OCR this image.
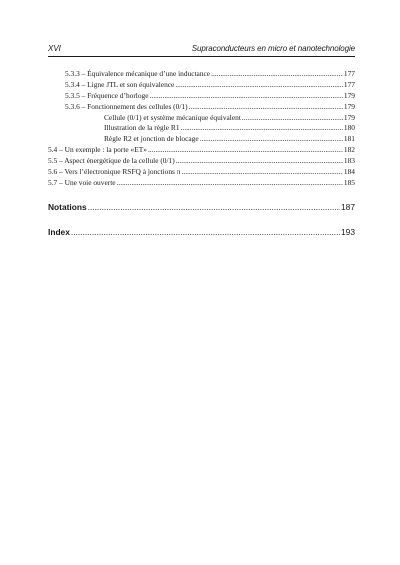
XVI	Supraconducteurs en micro et nanotechnologie
5.3.3 – Équivalence mécanique d’une inductance .....	177
5.3.4 – Ligne JTL et son équivalence .....	177
5.3.5 – Fréquence d’horloge .....	179
5.3.6 – Fonctionnement des cellules (0/1) .....	179
Cellule (0/1) et système mécanique équivalent .....	179
Illustration de la règle R1 .....	180
Règle R2 et jonction de blocage .....	181
5.4 – Un exemple : la porte «ET» .....	182
5.5 – Aspect énergétique de la cellule (0/1) .....	183
5.6 – Vers l’électronique RSFQ à jonctions π .....	184
5.7 – Une voie ouverte .....	185
Notations .....	187
Index .....	193
